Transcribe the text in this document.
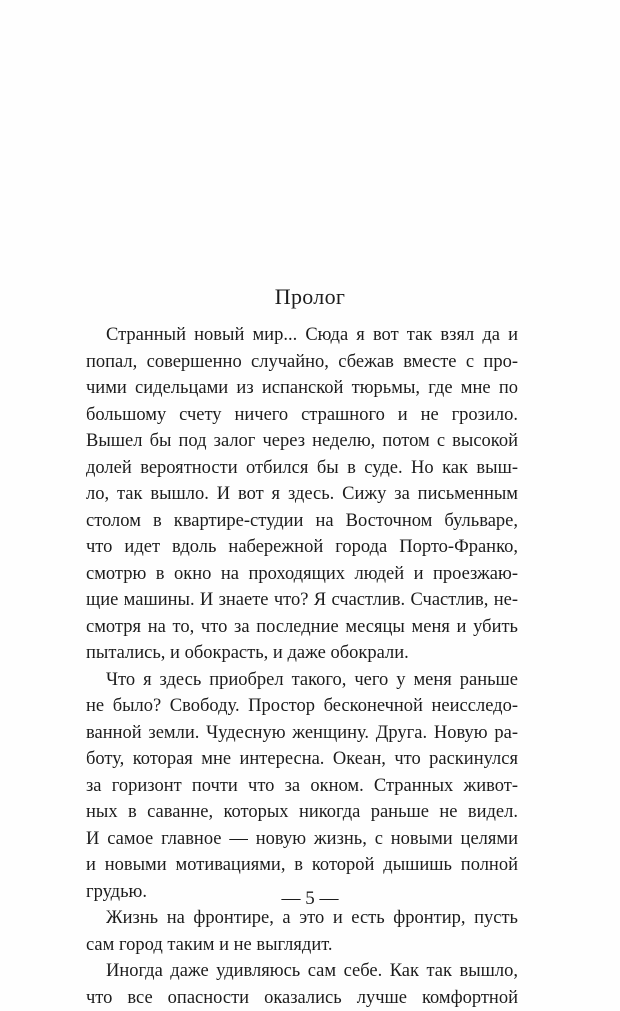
Пролог
Странный новый мир... Сюда я вот так взял да и
попал, совершенно случайно, сбежав вместе с про-
чими сидельцами из испанской тюрьмы, где мне по
большому счету ничего страшного и не грозило.
Вышел бы под залог через неделю, потом с высокой
долей вероятности отбился бы в суде. Но как выш-
ло, так вышло. И вот я здесь. Сижу за письменным
столом в квартире-студии на Восточном бульваре,
что идет вдоль набережной города Порто-Франко,
смотрю в окно на проходящих людей и проезжаю-
щие машины. И знаете что? Я счастлив. Счастлив, не-
смотря на то, что за последние месяцы меня и убить
пытались, и обокрасть, и даже обокрали.
Что я здесь приобрел такого, чего у меня раньше
не было? Свободу. Простор бесконечной неисследо-
ванной земли. Чудесную женщину. Друга. Новую ра-
боту, которая мне интересна. Океан, что раскинулся
за горизонт почти что за окном. Странных живот-
ных в саванне, которых никогда раньше не видел.
И самое главное — новую жизнь, с новыми целями
и новыми мотивациями, в которой дышишь полной
грудью.
Жизнь на фронтире, а это и есть фронтир, пусть
сам город таким и не выглядит.
Иногда даже удивляюсь сам себе. Как так вышло,
что все опасности оказались лучше комфортной
— 5 —
